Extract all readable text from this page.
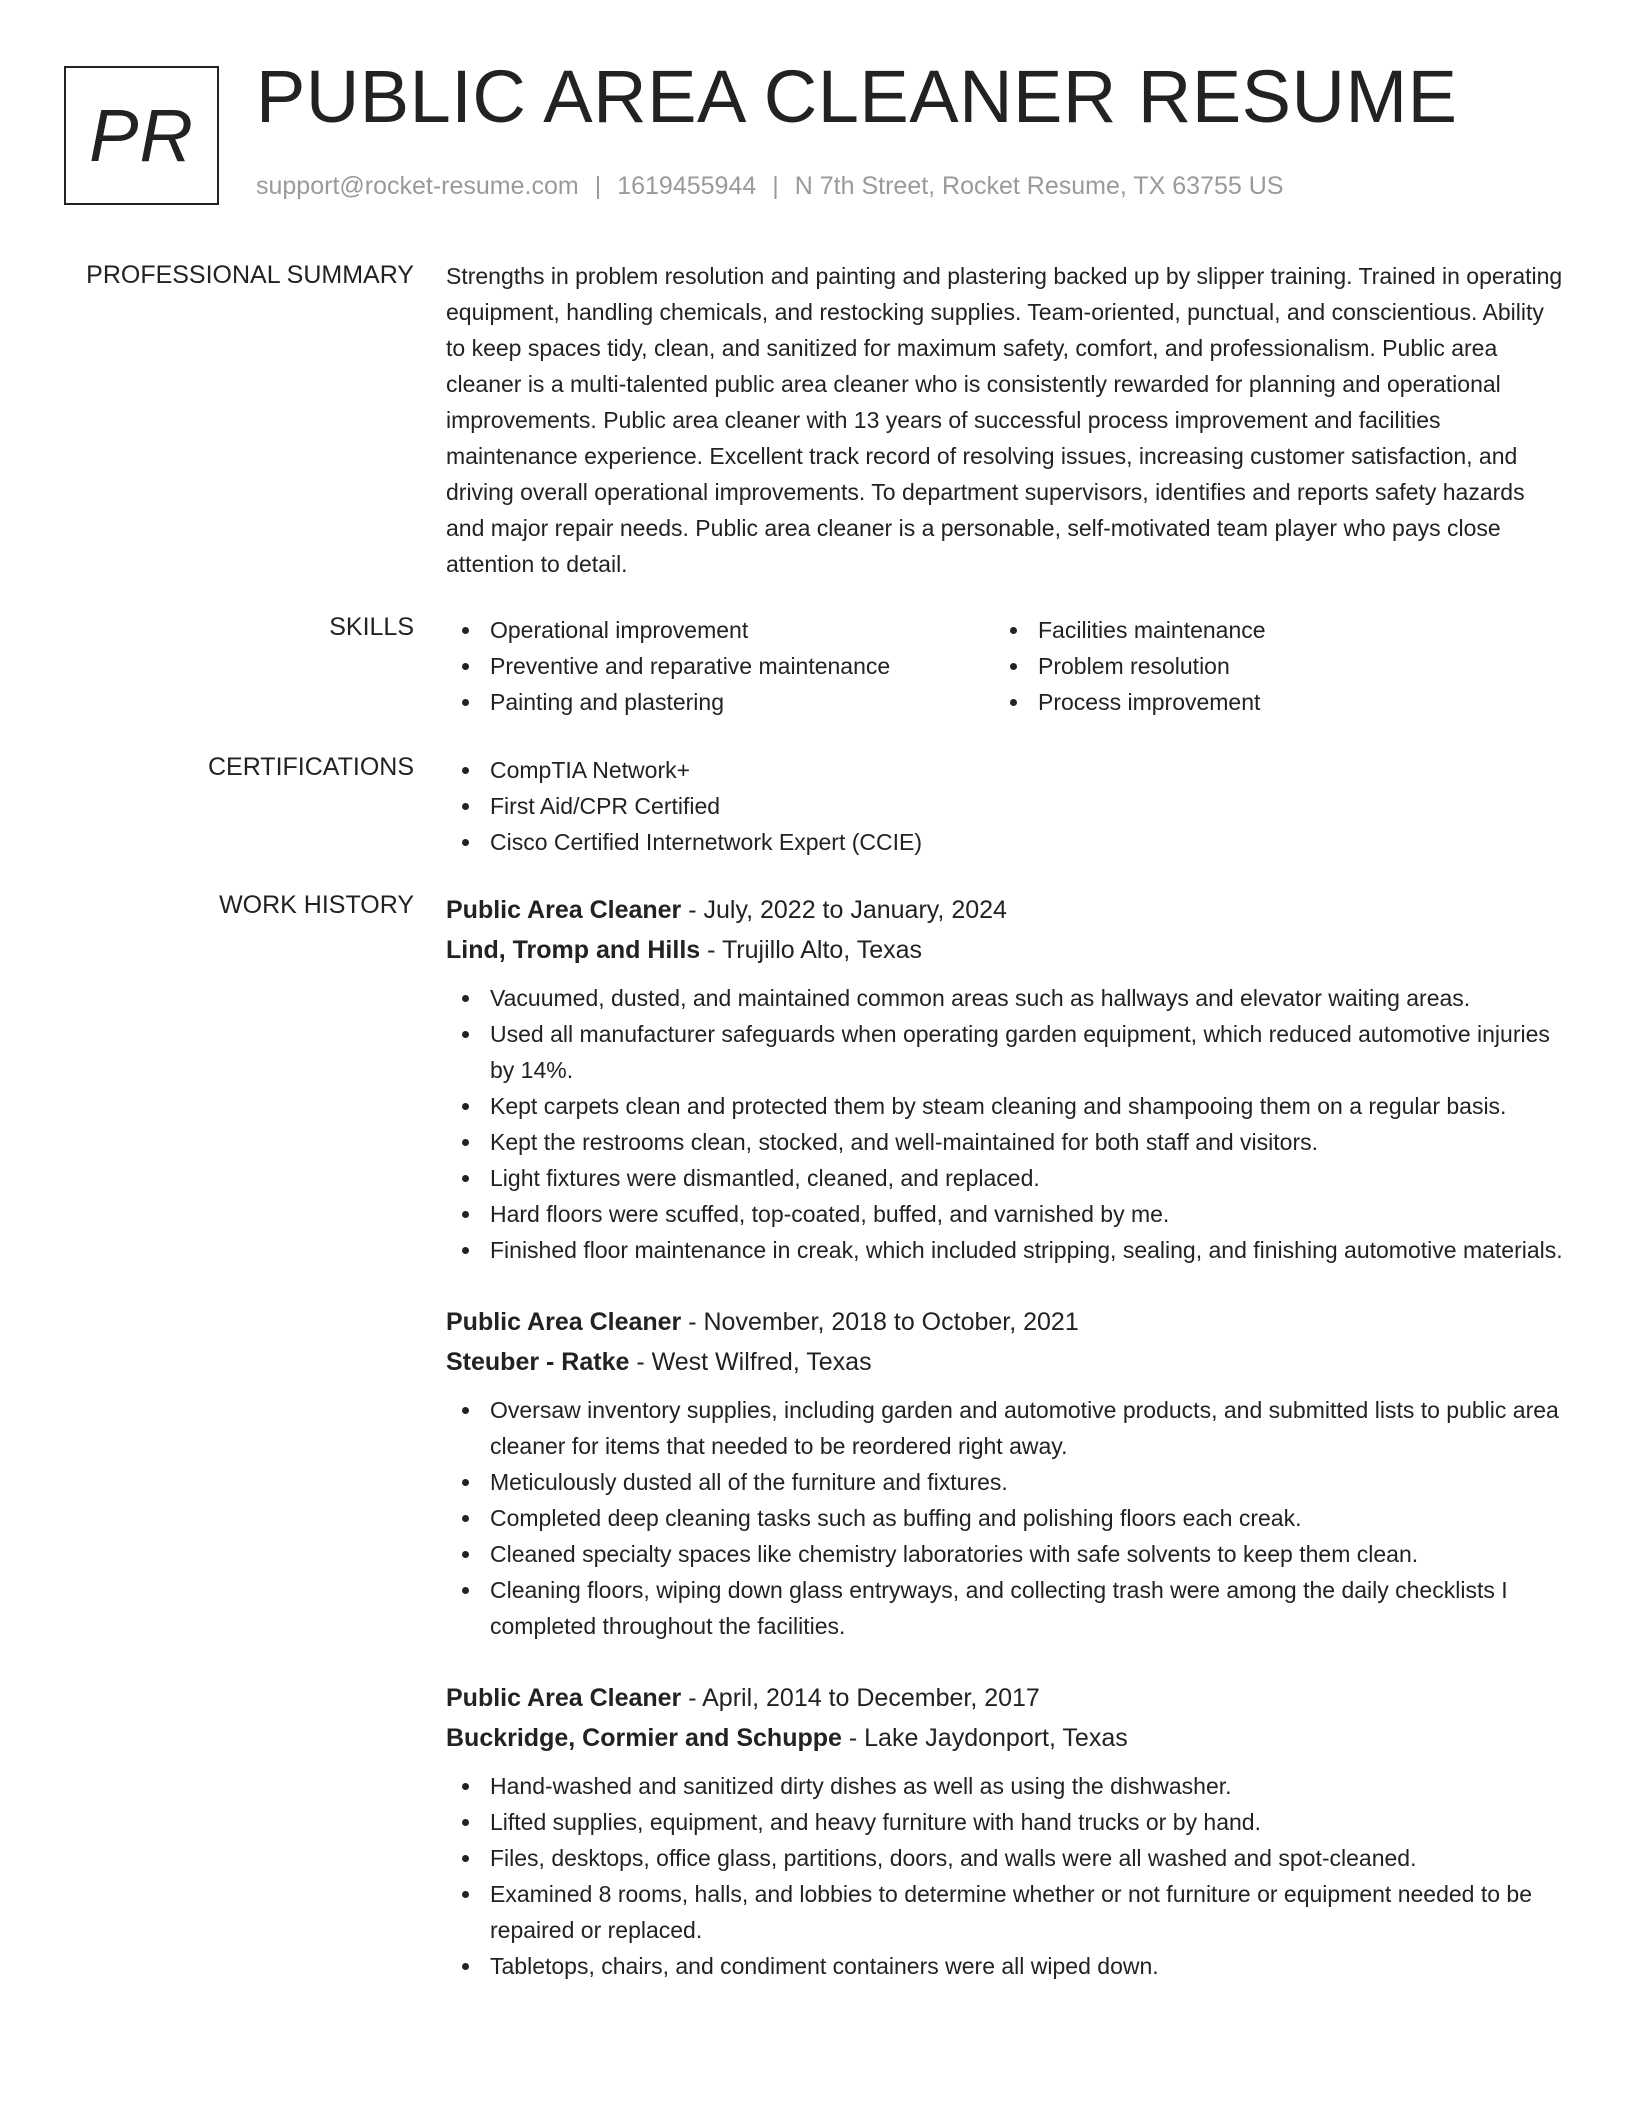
PR PUBLIC AREA CLEANER RESUME
support@rocket-resume.com | 1619455944 | N 7th Street, Rocket Resume, TX 63755 US
PROFESSIONAL SUMMARY Strengths in problem resolution and painting and plastering backed up by slipper training. Trained in operating equipment, handling chemicals, and restocking supplies. Team-oriented, punctual, and conscientious. Ability to keep spaces tidy, clean, and sanitized for maximum safety, comfort, and professionalism. Public area cleaner is a multi-talented public area cleaner who is consistently rewarded for planning and operational improvements. Public area cleaner with 13 years of successful process improvement and facilities maintenance experience. Excellent track record of resolving issues, increasing customer satisfaction, and driving overall operational improvements. To department supervisors, identifies and reports safety hazards and major repair needs. Public area cleaner is a personable, self-motivated team player who pays close attention to detail.

SKILLS	Operational improvement
Preventive and reparative maintenance
Painting and plastering
Facilities maintenance
Problem resolution
Process improvement
CERTIFICATIONS	CompTIA Network+
First Aid/CPR Certified
Cisco Certified Internetwork Expert (CCIE)
WORK HISTORY Public Area Cleaner - July, 2022 to January, 2024
Lind, Tromp and Hills - Trujillo Alto, Texas
Vacuumed, dusted, and maintained common areas such as hallways and elevator waiting areas.
Used all manufacturer safeguards when operating garden equipment, which reduced automotive injuries by 14%.
Kept carpets clean and protected them by steam cleaning and shampooing them on a regular basis.
Kept the restrooms clean, stocked, and well-maintained for both staff and visitors.
Light fixtures were dismantled, cleaned, and replaced.
Hard floors were scuffed, top-coated, buffed, and varnished by me.
Finished floor maintenance in creak, which included stripping, sealing, and finishing automotive materials.
Public Area Cleaner - November, 2018 to October, 2021
Steuber - Ratke - West Wilfred, Texas
Oversaw inventory supplies, including garden and automotive products, and submitted lists to public area cleaner for items that needed to be reordered right away.
Meticulously dusted all of the furniture and fixtures.
Completed deep cleaning tasks such as buffing and polishing floors each creak.
Cleaned specialty spaces like chemistry laboratories with safe solvents to keep them clean.
Cleaning floors, wiping down glass entryways, and collecting trash were among the daily checklists I completed throughout the facilities.
Public Area Cleaner - April, 2014 to December, 2017
Buckridge, Cormier and Schuppe - Lake Jaydonport, Texas
Hand-washed and sanitized dirty dishes as well as using the dishwasher.
Lifted supplies, equipment, and heavy furniture with hand trucks or by hand.
Files, desktops, office glass, partitions, doors, and walls were all washed and spot-cleaned.
Examined 8 rooms, halls, and lobbies to determine whether or not furniture or equipment needed to be repaired or replaced.
Tabletops, chairs, and condiment containers were all wiped down.
